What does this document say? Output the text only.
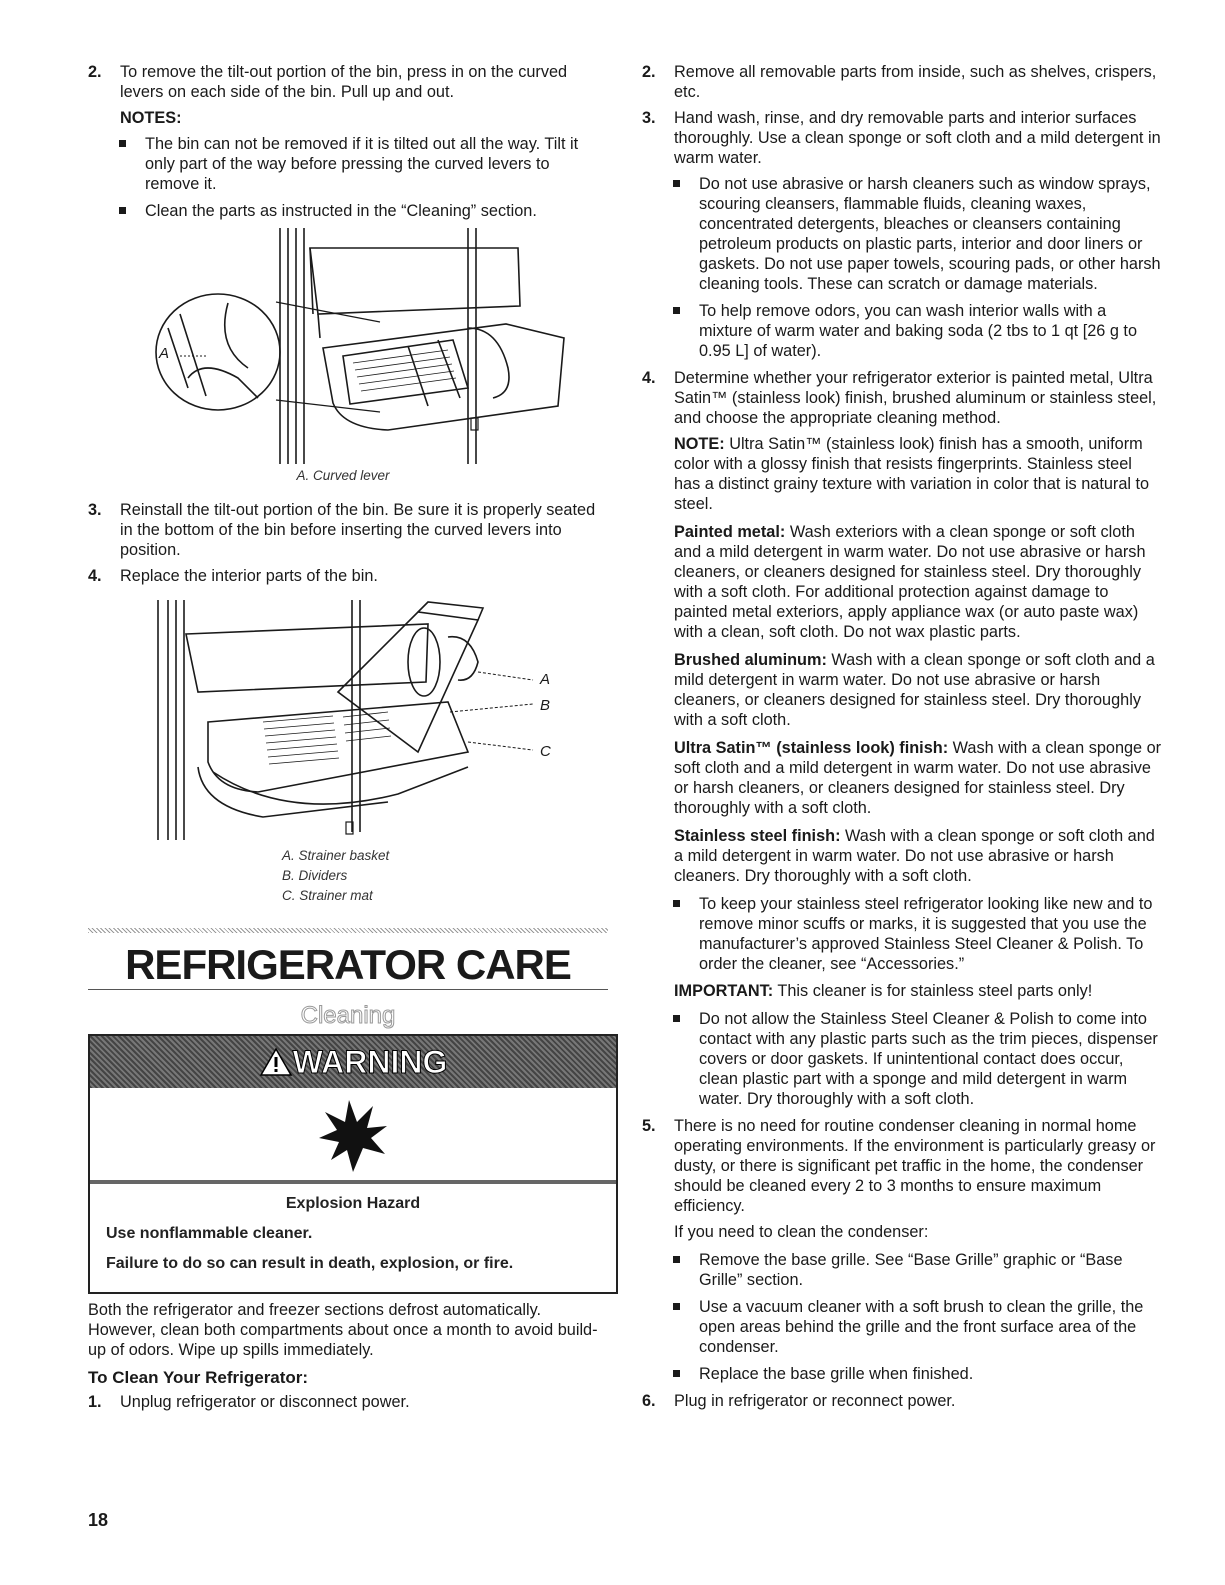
2.	To remove the tilt-out portion of the bin, press in on the curved levers on each side of the bin. Pull up and out.
NOTES:
The bin can not be removed if it is tilted out all the way. Tilt it only part of the way before pressing the curved levers to remove it.
Clean the parts as instructed in the “Cleaning” section.
A
A. Curved lever
3.	Reinstall the tilt-out portion of the bin. Be sure it is properly seated in the bottom of the bin before inserting the curved levers into position.
4.	Replace the interior parts of the bin.
A
B
C
A. Strainer basket
B. Dividers
C. Strainer mat
REFRIGERATOR CARE
Cleaning
WARNING
Explosion Hazard
Use nonflammable cleaner.
Failure to do so can result in death, explosion, or fire.
Both the refrigerator and freezer sections defrost automatically. However, clean both compartments about once a month to avoid build-up of odors. Wipe up spills immediately.
To Clean Your Refrigerator:
1.	Unplug refrigerator or disconnect power.
2.	Remove all removable parts from inside, such as shelves, crispers, etc.
3.	Hand wash, rinse, and dry removable parts and interior surfaces thoroughly. Use a clean sponge or soft cloth and a mild detergent in warm water.
Do not use abrasive or harsh cleaners such as window sprays, scouring cleansers, flammable fluids, cleaning waxes, concentrated detergents, bleaches or cleansers containing petroleum products on plastic parts, interior and door liners or gaskets. Do not use paper towels, scouring pads, or other harsh cleaning tools. These can scratch or damage materials.
To help remove odors, you can wash interior walls with a mixture of warm water and baking soda (2 tbs to 1 qt [26 g to 0.95 L] of water).
4.	Determine whether your refrigerator exterior is painted metal, Ultra Satin™ (stainless look) finish, brushed aluminum or stainless steel, and choose the appropriate cleaning method.
NOTE: Ultra Satin™ (stainless look) finish has a smooth, uniform color with a glossy finish that resists fingerprints. Stainless steel has a distinct grainy texture with variation in color that is natural to steel.
Painted metal: Wash exteriors with a clean sponge or soft cloth and a mild detergent in warm water. Do not use abrasive or harsh cleaners, or cleaners designed for stainless steel. Dry thoroughly with a soft cloth. For additional protection against damage to painted metal exteriors, apply appliance wax (or auto paste wax) with a clean, soft cloth. Do not wax plastic parts.
Brushed aluminum: Wash with a clean sponge or soft cloth and a mild detergent in warm water. Do not use abrasive or harsh cleaners, or cleaners designed for stainless steel. Dry thoroughly with a soft cloth.
Ultra Satin™ (stainless look) finish: Wash with a clean sponge or soft cloth and a mild detergent in warm water. Do not use abrasive or harsh cleaners, or cleaners designed for stainless steel. Dry thoroughly with a soft cloth.
Stainless steel finish: Wash with a clean sponge or soft cloth and a mild detergent in warm water. Do not use abrasive or harsh cleaners. Dry thoroughly with a soft cloth.
To keep your stainless steel refrigerator looking like new and to remove minor scuffs or marks, it is suggested that you use the manufacturer’s approved Stainless Steel Cleaner & Polish. To order the cleaner, see “Accessories.”
IMPORTANT: This cleaner is for stainless steel parts only!
Do not allow the Stainless Steel Cleaner & Polish to come into contact with any plastic parts such as the trim pieces, dispenser covers or door gaskets. If unintentional contact does occur, clean plastic part with a sponge and mild detergent in warm water. Dry thoroughly with a soft cloth.
5.	There is no need for routine condenser cleaning in normal home operating environments. If the environment is particularly greasy or dusty, or there is significant pet traffic in the home, the condenser should be cleaned every 2 to 3 months to ensure maximum efficiency.
If you need to clean the condenser:
Remove the base grille. See “Base Grille” graphic or “Base Grille” section.
Use a vacuum cleaner with a soft brush to clean the grille, the open areas behind the grille and the front surface area of the condenser.
Replace the base grille when finished.
6.	Plug in refrigerator or reconnect power.
18
